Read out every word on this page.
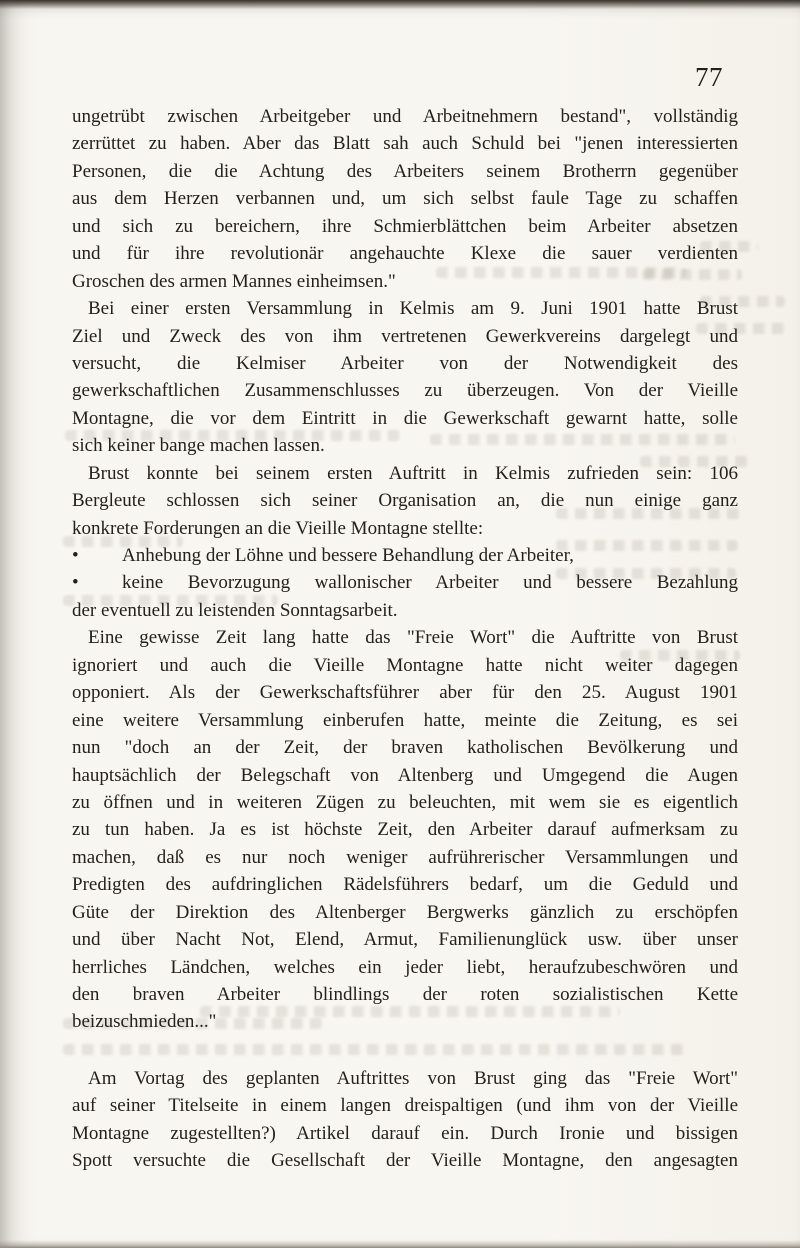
77
ungetrübt zwischen Arbeitgeber und Arbeitnehmern bestand", vollständig
zerrüttet zu haben. Aber das Blatt sah auch Schuld bei "jenen interessierten
Personen, die die Achtung des Arbeiters seinem Brotherrn gegenüber
aus dem Herzen verbannen und, um sich selbst faule Tage zu schaffen
und sich zu bereichern, ihre Schmierblättchen beim Arbeiter absetzen
und für ihre revolutionär angehauchte Klexe die sauer verdienten
Groschen des armen Mannes einheimsen."
Bei einer ersten Versammlung in Kelmis am 9. Juni 1901 hatte Brust
Ziel und Zweck des von ihm vertretenen Gewerkvereins dargelegt und
versucht, die Kelmiser Arbeiter von der Notwendigkeit des
gewerkschaftlichen Zusammenschlusses zu überzeugen. Von der Vieille
Montagne, die vor dem Eintritt in die Gewerkschaft gewarnt hatte, solle
sich keiner bange machen lassen.
Brust konnte bei seinem ersten Auftritt in Kelmis zufrieden sein: 106
Bergleute schlossen sich seiner Organisation an, die nun einige ganz
konkrete Forderungen an die Vieille Montagne stellte:
• Anhebung der Löhne und bessere Behandlung der Arbeiter,
• keine Bevorzugung wallonischer Arbeiter und bessere Bezahlung
der eventuell zu leistenden Sonntagsarbeit.
Eine gewisse Zeit lang hatte das "Freie Wort" die Auftritte von Brust
ignoriert und auch die Vieille Montagne hatte nicht weiter dagegen
opponiert. Als der Gewerkschaftsführer aber für den 25. August 1901
eine weitere Versammlung einberufen hatte, meinte die Zeitung, es sei
nun "doch an der Zeit, der braven katholischen Bevölkerung und
hauptsächlich der Belegschaft von Altenberg und Umgegend die Augen
zu öffnen und in weiteren Zügen zu beleuchten, mit wem sie es eigentlich
zu tun haben. Ja es ist höchste Zeit, den Arbeiter darauf aufmerksam zu
machen, daß es nur noch weniger aufrührerischer Versammlungen und
Predigten des aufdringlichen Rädelsführers bedarf, um die Geduld und
Güte der Direktion des Altenberger Bergwerks gänzlich zu erschöpfen
und über Nacht Not, Elend, Armut, Familienunglück usw. über unser
herrliches Ländchen, welches ein jeder liebt, heraufzubeschwören und
den braven Arbeiter blindlings der roten sozialistischen Kette
beizuschmieden..."
Am Vortag des geplanten Auftrittes von Brust ging das "Freie Wort"
auf seiner Titelseite in einem langen dreispaltigen (und ihm von der Vieille
Montagne zugestellten?) Artikel darauf ein. Durch Ironie und bissigen
Spott versuchte die Gesellschaft der Vieille Montagne, den angesagten
